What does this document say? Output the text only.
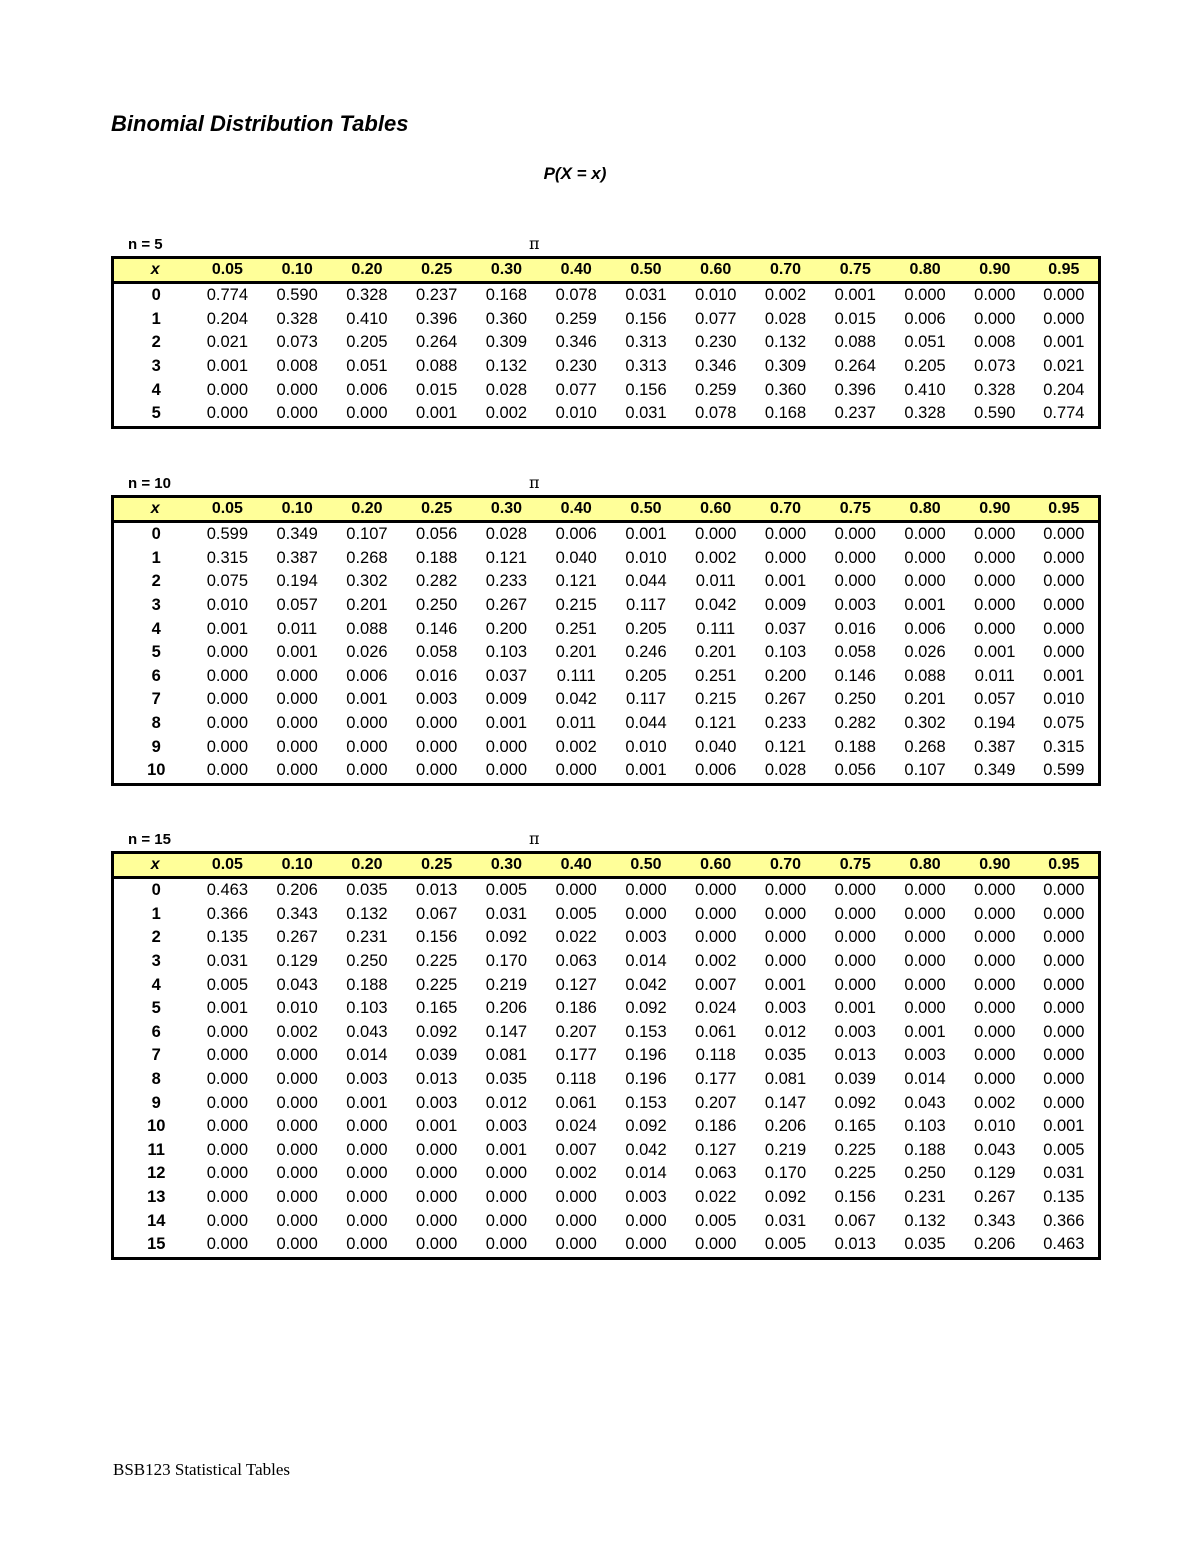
Binomial Distribution Tables
P(X = x)
n = 5	π
x	0.05	0.10	0.20	0.25	0.30	0.40	0.50	0.60	0.70	0.75	0.80	0.90	0.95
0	0.774	0.590	0.328	0.237	0.168	0.078	0.031	0.010	0.002	0.001	0.000	0.000	0.000
1	0.204	0.328	0.410	0.396	0.360	0.259	0.156	0.077	0.028	0.015	0.006	0.000	0.000
2	0.021	0.073	0.205	0.264	0.309	0.346	0.313	0.230	0.132	0.088	0.051	0.008	0.001
3	0.001	0.008	0.051	0.088	0.132	0.230	0.313	0.346	0.309	0.264	0.205	0.073	0.021
4	0.000	0.000	0.006	0.015	0.028	0.077	0.156	0.259	0.360	0.396	0.410	0.328	0.204
5	0.000	0.000	0.000	0.001	0.002	0.010	0.031	0.078	0.168	0.237	0.328	0.590	0.774
n = 10	π
x	0.05	0.10	0.20	0.25	0.30	0.40	0.50	0.60	0.70	0.75	0.80	0.90	0.95
0	0.599	0.349	0.107	0.056	0.028	0.006	0.001	0.000	0.000	0.000	0.000	0.000	0.000
1	0.315	0.387	0.268	0.188	0.121	0.040	0.010	0.002	0.000	0.000	0.000	0.000	0.000
2	0.075	0.194	0.302	0.282	0.233	0.121	0.044	0.011	0.001	0.000	0.000	0.000	0.000
3	0.010	0.057	0.201	0.250	0.267	0.215	0.117	0.042	0.009	0.003	0.001	0.000	0.000
4	0.001	0.011	0.088	0.146	0.200	0.251	0.205	0.111	0.037	0.016	0.006	0.000	0.000
5	0.000	0.001	0.026	0.058	0.103	0.201	0.246	0.201	0.103	0.058	0.026	0.001	0.000
6	0.000	0.000	0.006	0.016	0.037	0.111	0.205	0.251	0.200	0.146	0.088	0.011	0.001
7	0.000	0.000	0.001	0.003	0.009	0.042	0.117	0.215	0.267	0.250	0.201	0.057	0.010
8	0.000	0.000	0.000	0.000	0.001	0.011	0.044	0.121	0.233	0.282	0.302	0.194	0.075
9	0.000	0.000	0.000	0.000	0.000	0.002	0.010	0.040	0.121	0.188	0.268	0.387	0.315
10	0.000	0.000	0.000	0.000	0.000	0.000	0.001	0.006	0.028	0.056	0.107	0.349	0.599
n = 15	π
x	0.05	0.10	0.20	0.25	0.30	0.40	0.50	0.60	0.70	0.75	0.80	0.90	0.95
0	0.463	0.206	0.035	0.013	0.005	0.000	0.000	0.000	0.000	0.000	0.000	0.000	0.000
1	0.366	0.343	0.132	0.067	0.031	0.005	0.000	0.000	0.000	0.000	0.000	0.000	0.000
2	0.135	0.267	0.231	0.156	0.092	0.022	0.003	0.000	0.000	0.000	0.000	0.000	0.000
3	0.031	0.129	0.250	0.225	0.170	0.063	0.014	0.002	0.000	0.000	0.000	0.000	0.000
4	0.005	0.043	0.188	0.225	0.219	0.127	0.042	0.007	0.001	0.000	0.000	0.000	0.000
5	0.001	0.010	0.103	0.165	0.206	0.186	0.092	0.024	0.003	0.001	0.000	0.000	0.000
6	0.000	0.002	0.043	0.092	0.147	0.207	0.153	0.061	0.012	0.003	0.001	0.000	0.000
7	0.000	0.000	0.014	0.039	0.081	0.177	0.196	0.118	0.035	0.013	0.003	0.000	0.000
8	0.000	0.000	0.003	0.013	0.035	0.118	0.196	0.177	0.081	0.039	0.014	0.000	0.000
9	0.000	0.000	0.001	0.003	0.012	0.061	0.153	0.207	0.147	0.092	0.043	0.002	0.000
10	0.000	0.000	0.000	0.001	0.003	0.024	0.092	0.186	0.206	0.165	0.103	0.010	0.001
11	0.000	0.000	0.000	0.000	0.001	0.007	0.042	0.127	0.219	0.225	0.188	0.043	0.005
12	0.000	0.000	0.000	0.000	0.000	0.002	0.014	0.063	0.170	0.225	0.250	0.129	0.031
13	0.000	0.000	0.000	0.000	0.000	0.000	0.003	0.022	0.092	0.156	0.231	0.267	0.135
14	0.000	0.000	0.000	0.000	0.000	0.000	0.000	0.005	0.031	0.067	0.132	0.343	0.366
15	0.000	0.000	0.000	0.000	0.000	0.000	0.000	0.000	0.005	0.013	0.035	0.206	0.463
BSB123 Statistical Tables
